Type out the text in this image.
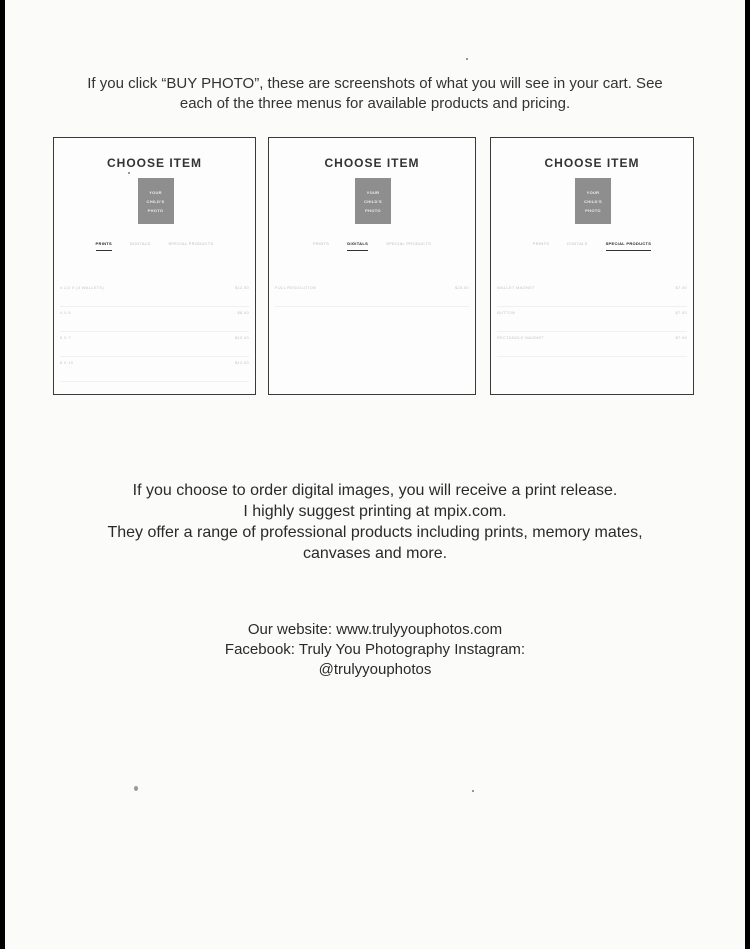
If you click “BUY PHOTO”, these are screenshots of what you will see in your cart. See
each of the three menus for available products and pricing.
CHOOSE ITEM
YOUR
CHILD'S
PHOTO
PRINTS	DIGITALS	SPECIAL PRODUCTS
4 1/2 X (4 WALLETS)	$12.50
4 X 6	$8.00
5 X 7	$10.00
8 X 10	$12.00
CHOOSE ITEM
YOUR
CHILD'S
PHOTO
PRINTS	DIGITALS	SPECIAL PRODUCTS
FULL RESOLUTION	$25.00
CHOOSE ITEM
YOUR
CHILD'S
PHOTO
PRINTS	DIGITALS	SPECIAL PRODUCTS
WALLET MAGNET	$7.00
BUTTON	$7.00
RECTANGLE MAGNET	$7.00
If you choose to order digital images, you will receive a print release.
I highly suggest printing at mpix.com.
They offer a range of professional products including prints, memory mates,
canvases and more.
Our website: www.trulyyouphotos.com
Facebook: Truly You Photography Instagram:
@trulyyouphotos
